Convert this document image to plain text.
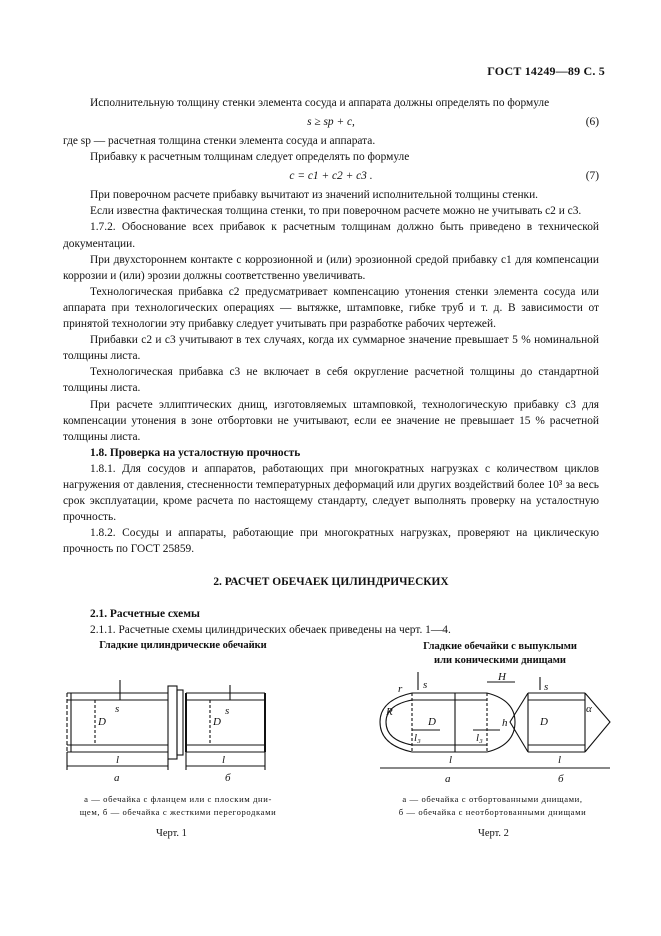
ГОСТ 14249—89 С. 5

Исполнительную толщину стенки элемента сосуда и аппарата должны определять по формуле

s ≥ sр + c,	(6)

где sр — расчетная толщина стенки элемента сосуда и аппарата.

Прибавку к расчетным толщинам следует определять по формуле

c = c1 + c2 + c3 .	(7)

При поверочном расчете прибавку вычитают из значений исполнительной толщины стенки.

Если известна фактическая толщина стенки, то при поверочном расчете можно не учитывать c2 и c3.

1.7.2. Обоснование всех прибавок к расчетным толщинам должно быть приведено в технической документации.

При двухстороннем контакте с коррозионной и (или) эрозионной средой прибавку c1 для компенсации коррозии и (или) эрозии должны соответственно увеличивать.

Технологическая прибавка c2 предусматривает компенсацию утонения стенки элемента сосуда или аппарата при технологических операциях — вытяжке, штамповке, гибке труб и т. д. В зависимости от принятой технологии эту прибавку следует учитывать при разработке рабочих чертежей.

Прибавки c2 и c3 учитывают в тех случаях, когда их суммарное значение превышает 5 % номинальной толщины листа.

Технологическая прибавка c3 не включает в себя округление расчетной толщины до стандартной толщины листа.

При расчете эллиптических днищ, изготовляемых штамповкой, технологическую прибавку c3 для компенсации утонения в зоне отбортовки не учитывают, если ее значение не превышает 15 % расчетной толщины листа.

1.8. Проверка на усталостную прочность

1.8.1. Для сосудов и аппаратов, работающих при многократных нагрузках с количеством циклов нагружения от давления, стесненности температурных деформаций или других воздействий более 10³ за весь срок эксплуатации, кроме расчета по настоящему стандарту, следует выполнять проверку на усталостную прочность.

1.8.2. Сосуды и аппараты, работающие при многократных нагрузках, проверяют на циклическую прочность по ГОСТ 25859.

2. РАСЧЕТ ОБЕЧАЕК ЦИЛИНДРИЧЕСКИХ

2.1. Расчетные схемы

2.1.1. Расчетные схемы цилиндрических обечаек приведены на черт. 1—4.

Гладкие цилиндрические обечайки
s	s
D	D
l	l
а	б
s	s
r
R
D	D
H
h
α
l₃	l₃
l	l
а	б
а — обечайка с фланцем или с плоским дни-
щем, б — обечайка с жесткими перегородками
Черт. 1
Гладкие обечайки с выпуклыми
или коническими днищами
а — обечайка с отбортованными днищами,
б — обечайка с неотбортованными днищами
Черт. 2
